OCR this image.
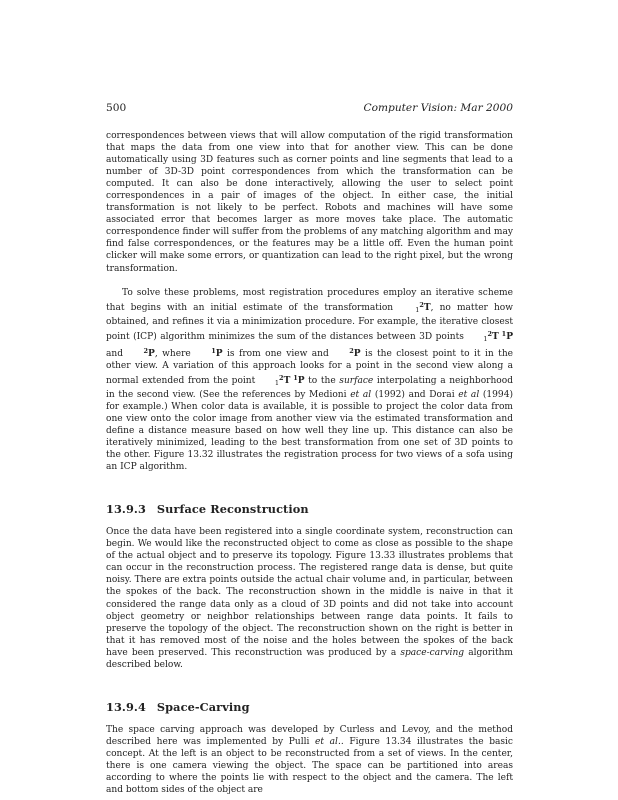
500	Computer Vision: Mar 2000

correspondences between views that will allow computation of the rigid transformation that maps the data from one view into that for another view. This can be done automatically using 3D features such as corner points and line segments that lead to a number of 3D-3D point correspondences from which the transformation can be computed. It can also be done interactively, allowing the user to select point correspondences in a pair of images of the object. In either case, the initial transformation is not likely to be perfect. Robots and machines will have some associated error that becomes larger as more moves take place. The automatic correspondence finder will suffer from the problems of any matching algorithm and may find false correspondences, or the features may be a little off. Even the human point clicker will make some errors, or quantization can lead to the right pixel, but the wrong transformation.

To solve these problems, most registration procedures employ an iterative scheme that begins with an initial estimate of the transformation $_1^2$T, no matter how obtained, and refines it via a minimization procedure. For example, the iterative closest point (ICP) algorithm minimizes the sum of the distances between 3D points $_1^2$T $^1$P and $^2$P, where $^1$P is from one view and $^2$P is the closest point to it in the other view. A variation of this approach looks for a point in the second view along a normal extended from the point $_1^2$T $^1$P to the surface interpolating a neighborhood in the second view. (See the references by Medioni et al (1992) and Dorai et al (1994) for example.) When color data is available, it is possible to project the color data from one view onto the color image from another view via the estimated transformation and define a distance measure based on how well they line up. This distance can also be iteratively minimized, leading to the best transformation from one set of 3D points to the other. Figure 13.32 illustrates the registration process for two views of a sofa using an ICP algorithm.

13.9.3 Surface Reconstruction

Once the data have been registered into a single coordinate system, reconstruction can begin. We would like the reconstructed object to come as close as possible to the shape of the actual object and to preserve its topology. Figure 13.33 illustrates problems that can occur in the reconstruction process. The registered range data is dense, but quite noisy. There are extra points outside the actual chair volume and, in particular, between the spokes of the back. The reconstruction shown in the middle is naive in that it considered the range data only as a cloud of 3D points and did not take into account object geometry or neighbor relationships between range data points. It fails to preserve the topology of the object. The reconstruction shown on the right is better in that it has removed most of the noise and the holes between the spokes of the back have been preserved. This reconstruction was produced by a space-carving algorithm described below.

13.9.4 Space-Carving

The space carving approach was developed by Curless and Levoy, and the method described here was implemented by Pulli et al.. Figure 13.34 illustrates the basic concept. At the left is an object to be reconstructed from a set of views. In the center, there is one camera viewing the object. The space can be partitioned into areas according to where the points lie with respect to the object and the camera. The left and bottom sides of the object are
